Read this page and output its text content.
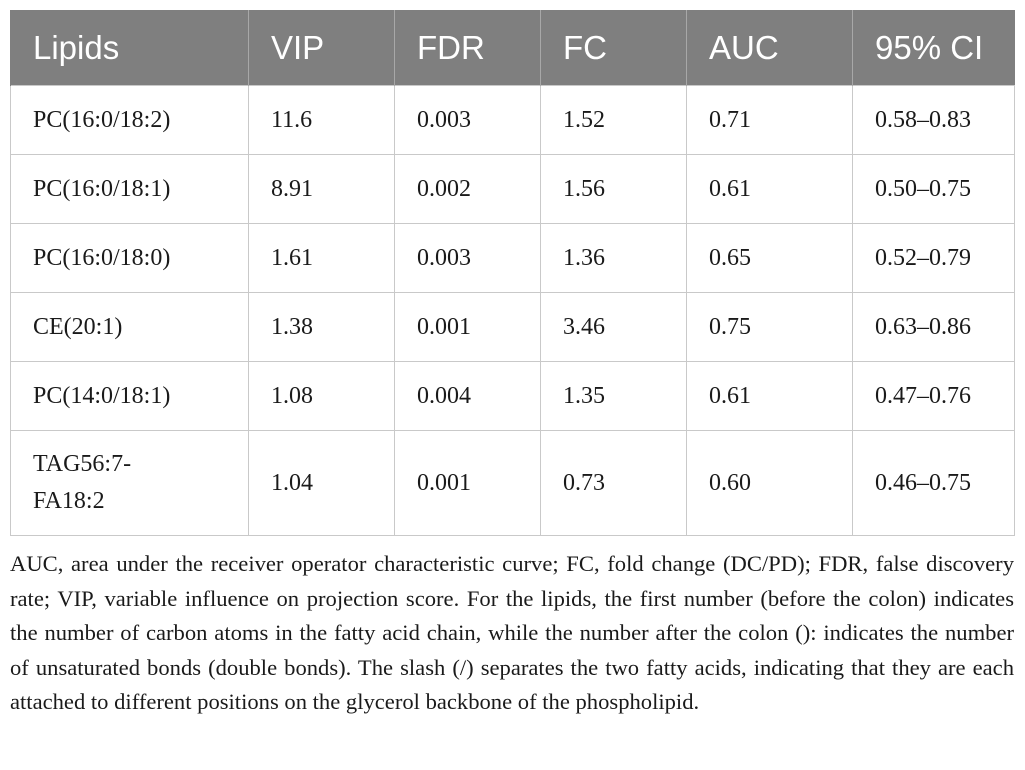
Lipids	VIP	FDR	FC	AUC	95% CI
PC(16:0/18:2)	11.6	0.003	1.52	0.71	0.58–0.83
PC(16:0/18:1)	8.91	0.002	1.56	0.61	0.50–0.75
PC(16:0/18:0)	1.61	0.003	1.36	0.65	0.52–0.79
CE(20:1)	1.38	0.001	3.46	0.75	0.63–0.86
PC(14:0/18:1)	1.08	0.004	1.35	0.61	0.47–0.76
TAG56:7-FA18:2	1.04	0.001	0.73	0.60	0.46–0.75

AUC, area under the receiver operator characteristic curve; FC, fold change (DC/PD); FDR, false discovery rate; VIP, variable influence on projection score. For the lipids, the first number (before the colon) indicates the number of carbon atoms in the fatty acid chain, while the number after the colon (): indicates the number of unsaturated bonds (double bonds). The slash (/) separates the two fatty acids, indicating that they are each attached to different positions on the glycerol backbone of the phospholipid.
